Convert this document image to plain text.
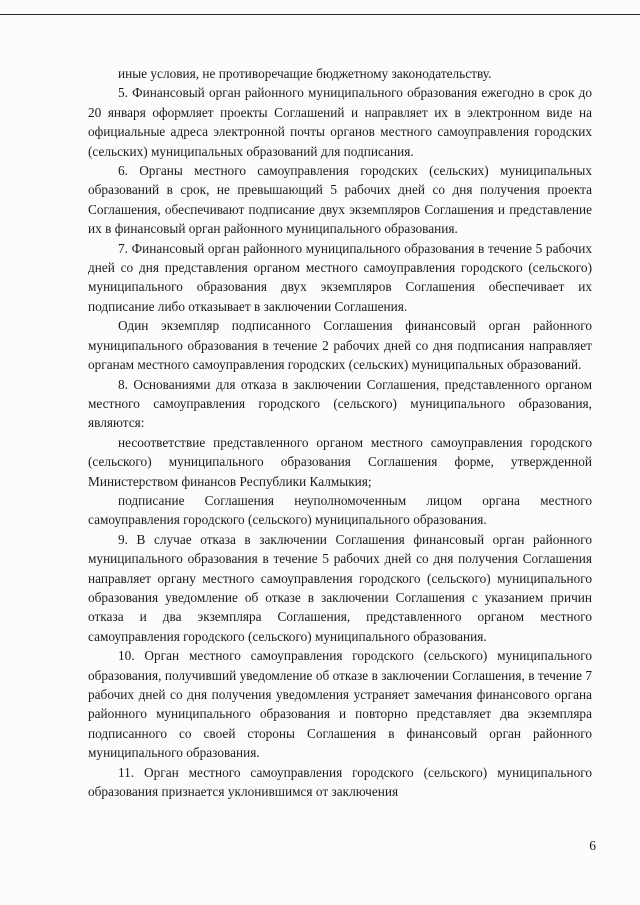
иные условия, не противоречащие бюджетному законодательству.

5. Финансовый орган районного муниципального образования ежегодно в срок до 20 января оформляет проекты Соглашений и направляет их в электронном виде на официальные адреса электронной почты органов местного самоуправления городских (сельских) муниципальных образований для подписания.

6. Органы местного самоуправления городских (сельских) муниципальных образований в срок, не превышающий 5 рабочих дней со дня получения проекта Соглашения, обеспечивают подписание двух экземпляров Соглашения и представление их в финансовый орган районного муниципального образования.

7. Финансовый орган районного муниципального образования в течение 5 рабочих дней со дня представления органом местного самоуправления городского (сельского) муниципального образования двух экземпляров Соглашения обеспечивает их подписание либо отказывает в заключении Соглашения.

Один экземпляр подписанного Соглашения финансовый орган районного муниципального образования в течение 2 рабочих дней со дня подписания направляет органам местного самоуправления городских (сельских) муниципальных образований.

8. Основаниями для отказа в заключении Соглашения, представленного органом местного самоуправления городского (сельского) муниципального образования, являются:

несоответствие представленного органом местного самоуправления городского (сельского) муниципального образования Соглашения форме, утвержденной Министерством финансов Республики Калмыкия;

подписание Соглашения неуполномоченным лицом органа местного самоуправления городского (сельского) муниципального образования.

9. В случае отказа в заключении Соглашения финансовый орган районного муниципального образования в течение 5 рабочих дней со дня получения Соглашения направляет органу местного самоуправления городского (сельского) муниципального образования уведомление об отказе в заключении Соглашения с указанием причин отказа и два экземпляра Соглашения, представленного органом местного самоуправления городского (сельского) муниципального образования.

10. Орган местного самоуправления городского (сельского) муниципального образования, получивший уведомление об отказе в заключении Соглашения, в течение 7 рабочих дней со дня получения уведомления устраняет замечания финансового органа районного муниципального образования и повторно представляет два экземпляра подписанного со своей стороны Соглашения в финансовый орган районного муниципального образования.

11. Орган местного самоуправления городского (сельского) муниципального образования признается уклонившимся от заключения

6
